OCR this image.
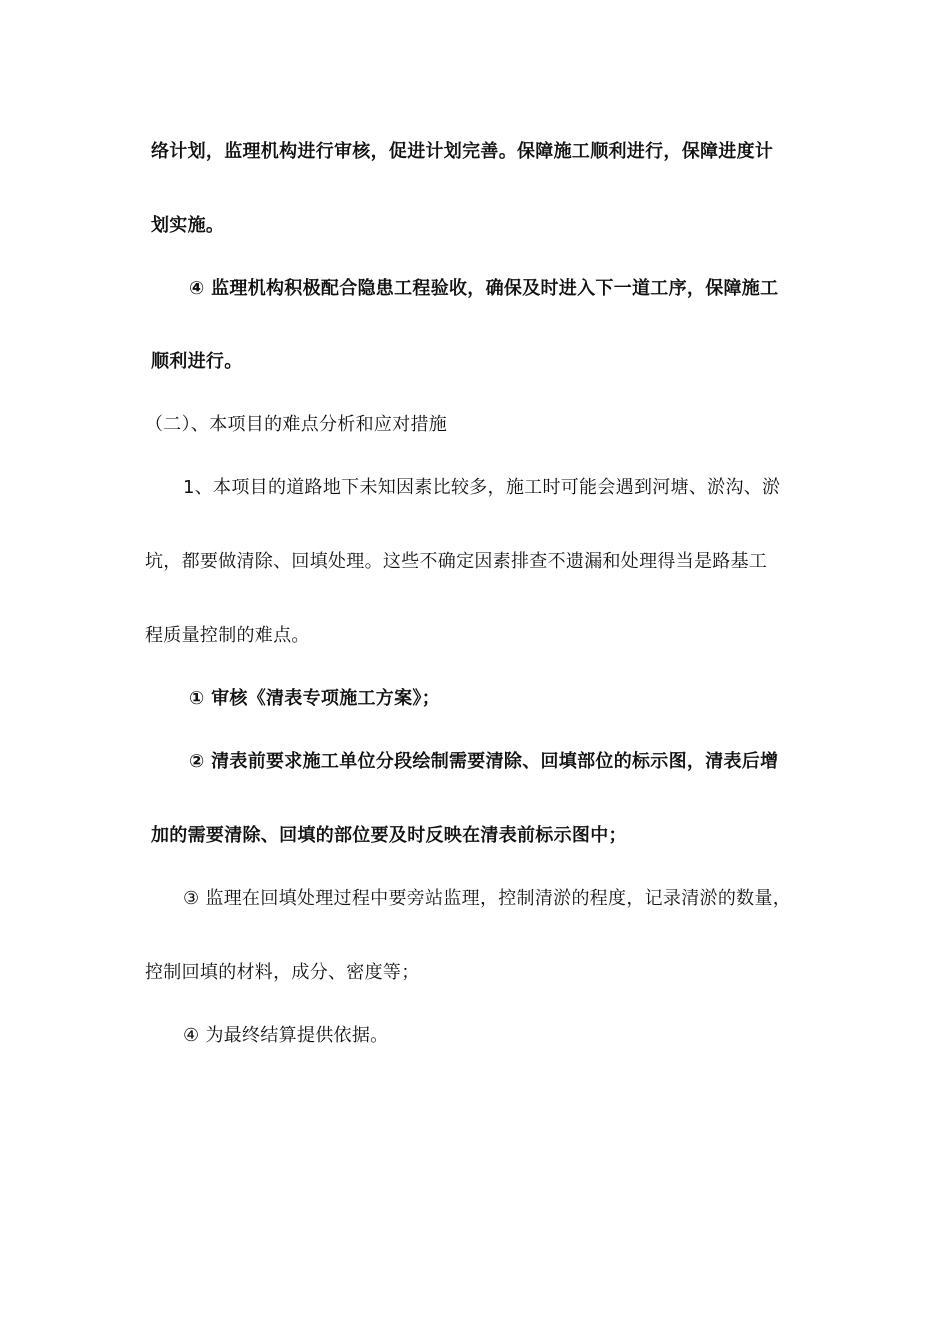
络计划，监理机构进行审核，促进计划完善。保障施工顺利进行，保障进度计
划实施。
④ 监理机构积极配合隐患工程验收，确保及时进入下一道工序，保障施工
顺利进行。
（二）、本项目的难点分析和应对措施
1、本项目的道路地下未知因素比较多，施工时可能会遇到河塘、淤沟、淤
坑，都要做清除、回填处理。这些不确定因素排查不遗漏和处理得当是路基工
程质量控制的难点。
① 审核《清表专项施工方案》；
② 清表前要求施工单位分段绘制需要清除、回填部位的标示图，清表后增
加的需要清除、回填的部位要及时反映在清表前标示图中；
③ 监理在回填处理过程中要旁站监理，控制清淤的程度，记录清淤的数量，
控制回填的材料，成分、密度等；
④ 为最终结算提供依据。
